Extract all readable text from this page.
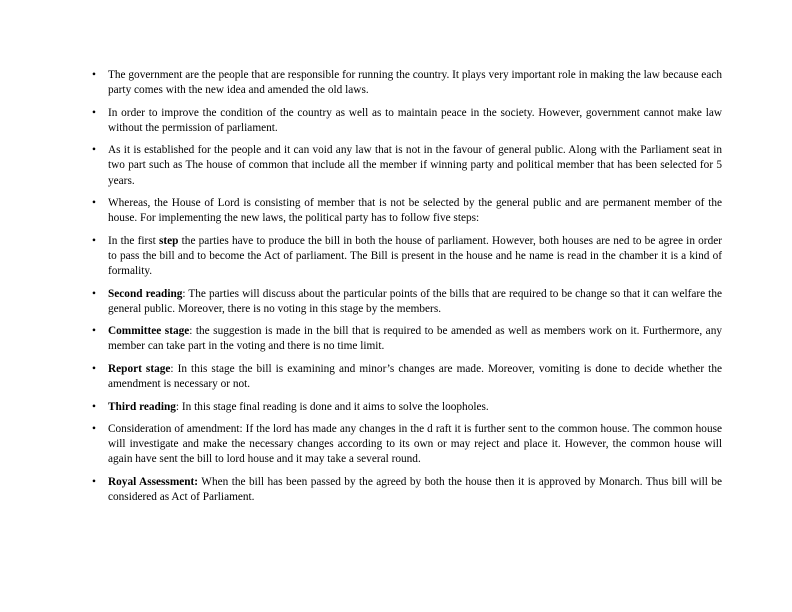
• The government are the people that are responsible for running the country. It plays very important role in making the law because each party comes with the new idea and amended the old laws.
• In order to improve the condition of the country as well as to maintain peace in the society. However, government cannot make law without the permission of parliament.
• As it is established for the people and it can void any law that is not in the favour of general public. Along with the Parliament seat in two part such as The house of common that include all the member if winning party and political member that has been selected for 5 years.
• Whereas, the House of Lord is consisting of member that is not be selected by the general public and are permanent member of the house. For implementing the new laws, the political party has to follow five steps:
• In the first step the parties have to produce the bill in both the house of parliament. However, both houses are ned to be agree in order to pass the bill and to become the Act of parliament. The Bill is present in the house and he name is read in the chamber it is a kind of formality.
• Second reading: The parties will discuss about the particular points of the bills that are required to be change so that it can welfare the general public. Moreover, there is no voting in this stage by the members.
• Committee stage: the suggestion is made in the bill that is required to be amended as well as members work on it. Furthermore, any member can take part in the voting and there is no time limit.
• Report stage: In this stage the bill is examining and minor’s changes are made. Moreover, vomiting is done to decide whether the amendment is necessary or not.
• Third reading: In this stage final reading is done and it aims to solve the loopholes.
• Consideration of amendment: If the lord has made any changes in the d raft it is further sent to the common house. The common house will investigate and make the necessary changes according to its own or may reject and place it. However, the common house will again have sent the bill to lord house and it may take a several round.
• Royal Assessment: When the bill has been passed by the agreed by both the house then it is approved by Monarch. Thus bill will be considered as Act of Parliament.
